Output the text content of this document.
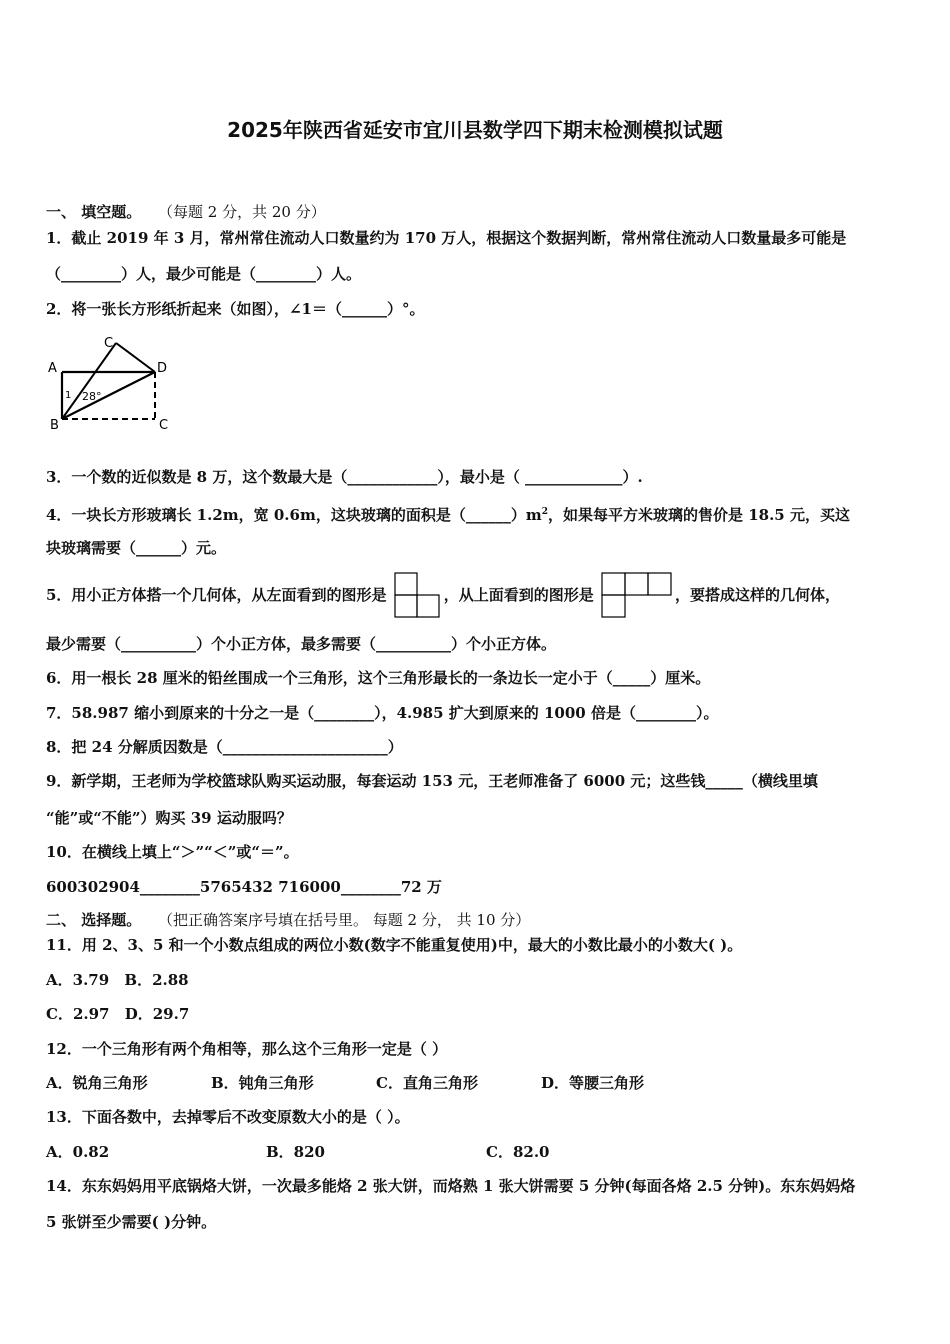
2025年陕西省延安市宜川县数学四下期末检测模拟试题
一、 填空题。 （每题 2 分，共 20 分）
1．截止 2019 年 3 月，常州常住流动人口数量约为 170 万人，根据这个数据判断，常州常住流动人口数量最多可能是
（________）人，最少可能是（________）人。
2．将一张长方形纸折起来（如图），∠1＝（______）°。
A
C
D
B	C
1 28°
3．一个数的近似数是 8 万，这个数最大是（____________），最小是（ _____________）.
4．一块长方形玻璃长 1.2m，宽 0.6m，这块玻璃的面积是$(\_\_\_\_\_\_)m^2$，如果每平方米玻璃的售价是 18.5 元，买这
块玻璃需要（______）元。
5．用小正方体搭一个几何体，从左面看到的图形是	，从上面看到的图形是	，要搭成这样的几何体，
最少需要（__________）个小正方体，最多需要（__________）个小正方体。
6．用一根长 28 厘米的铅丝围成一个三角形，这个三角形最长的一条边长一定小于（_____）厘米。
7．58.987 缩小到原来的十分之一是（________），4.985 扩大到原来的 1000 倍是（________）。
8．把 24 分解质因数是（______________________）
9．新学期，王老师为学校篮球队购买运动服，每套运动 153 元，王老师准备了 6000 元；这些钱_____（横线里填
“能”或“不能”）购买 39 运动服吗？
10．在横线上填上“＞”“＜”或“＝”。
600302904________5765432 716000________72 万
二、 选择题。 （把正确答案序号填在括号里。 每题 2 分， 共 10 分）
11．用 2、3、5 和一个小数点组成的两位小数(数字不能重复使用)中，最大的小数比最小的小数大( )。
A．3.79 B．2.88
C．2.97 D．29.7
12．一个三角形有两个角相等，那么这个三角形一定是（ ）
A．锐角三角形	B．钝角三角形	C．直角三角形	D．等腰三角形
13．下面各数中，去掉零后不改变原数大小的是（ ）。
A．0.82	B．820	C．82.0
14．东东妈妈用平底锅烙大饼，一次最多能烙 2 张大饼，而烙熟 1 张大饼需要 5 分钟(每面各烙 2.5 分钟)。东东妈妈烙
5 张饼至少需要( )分钟。
